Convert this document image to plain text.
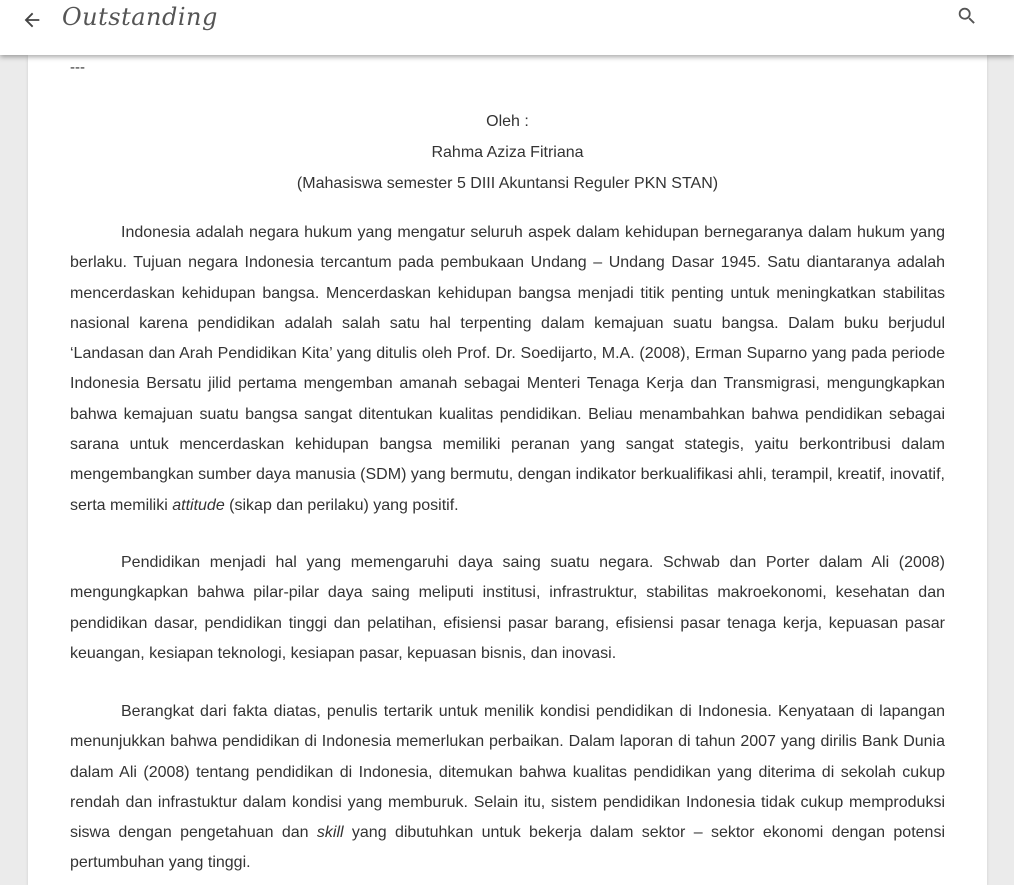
Outstanding
---
Oleh :
Rahma Aziza Fitriana
(Mahasiswa semester 5 DIII Akuntansi Reguler PKN STAN)

Indonesia adalah negara hukum yang mengatur seluruh aspek dalam kehidupan bernegaranya dalam hukum yang berlaku. Tujuan negara Indonesia tercantum pada pembukaan Undang – Undang Dasar 1945. Satu diantaranya adalah mencerdaskan kehidupan bangsa. Mencerdaskan kehidupan bangsa menjadi titik penting untuk meningkatkan stabilitas nasional karena pendidikan adalah salah satu hal terpenting dalam kemajuan suatu bangsa. Dalam buku berjudul ‘Landasan dan Arah Pendidikan Kita’ yang ditulis oleh Prof. Dr. Soedijarto, M.A. (2008), Erman Suparno yang pada periode Indonesia Bersatu jilid pertama mengemban amanah sebagai Menteri Tenaga Kerja dan Transmigrasi, mengungkapkan bahwa kemajuan suatu bangsa sangat ditentukan kualitas pendidikan. Beliau menambahkan bahwa pendidikan sebagai sarana untuk mencerdaskan kehidupan bangsa memiliki peranan yang sangat stategis, yaitu berkontribusi dalam mengembangkan sumber daya manusia (SDM) yang bermutu, dengan indikator berkualifikasi ahli, terampil, kreatif, inovatif, serta memiliki attitude (sikap dan perilaku) yang positif.

Pendidikan menjadi hal yang memengaruhi daya saing suatu negara. Schwab dan Porter dalam Ali (2008) mengungkapkan bahwa pilar-pilar daya saing meliputi institusi, infrastruktur, stabilitas makroekonomi, kesehatan dan pendidikan dasar, pendidikan tinggi dan pelatihan, efisiensi pasar barang, efisiensi pasar tenaga kerja, kepuasan pasar keuangan, kesiapan teknologi, kesiapan pasar, kepuasan bisnis, dan inovasi.

Berangkat dari fakta diatas, penulis tertarik untuk menilik kondisi pendidikan di Indonesia. Kenyataan di lapangan menunjukkan bahwa pendidikan di Indonesia memerlukan perbaikan. Dalam laporan di tahun 2007 yang dirilis Bank Dunia dalam Ali (2008) tentang pendidikan di Indonesia, ditemukan bahwa kualitas pendidikan yang diterima di sekolah cukup rendah dan infrastuktur dalam kondisi yang memburuk. Selain itu, sistem pendidikan Indonesia tidak cukup memproduksi siswa dengan pengetahuan dan skill yang dibutuhkan untuk bekerja dalam sektor – sektor ekonomi dengan potensi pertumbuhan yang tinggi.
